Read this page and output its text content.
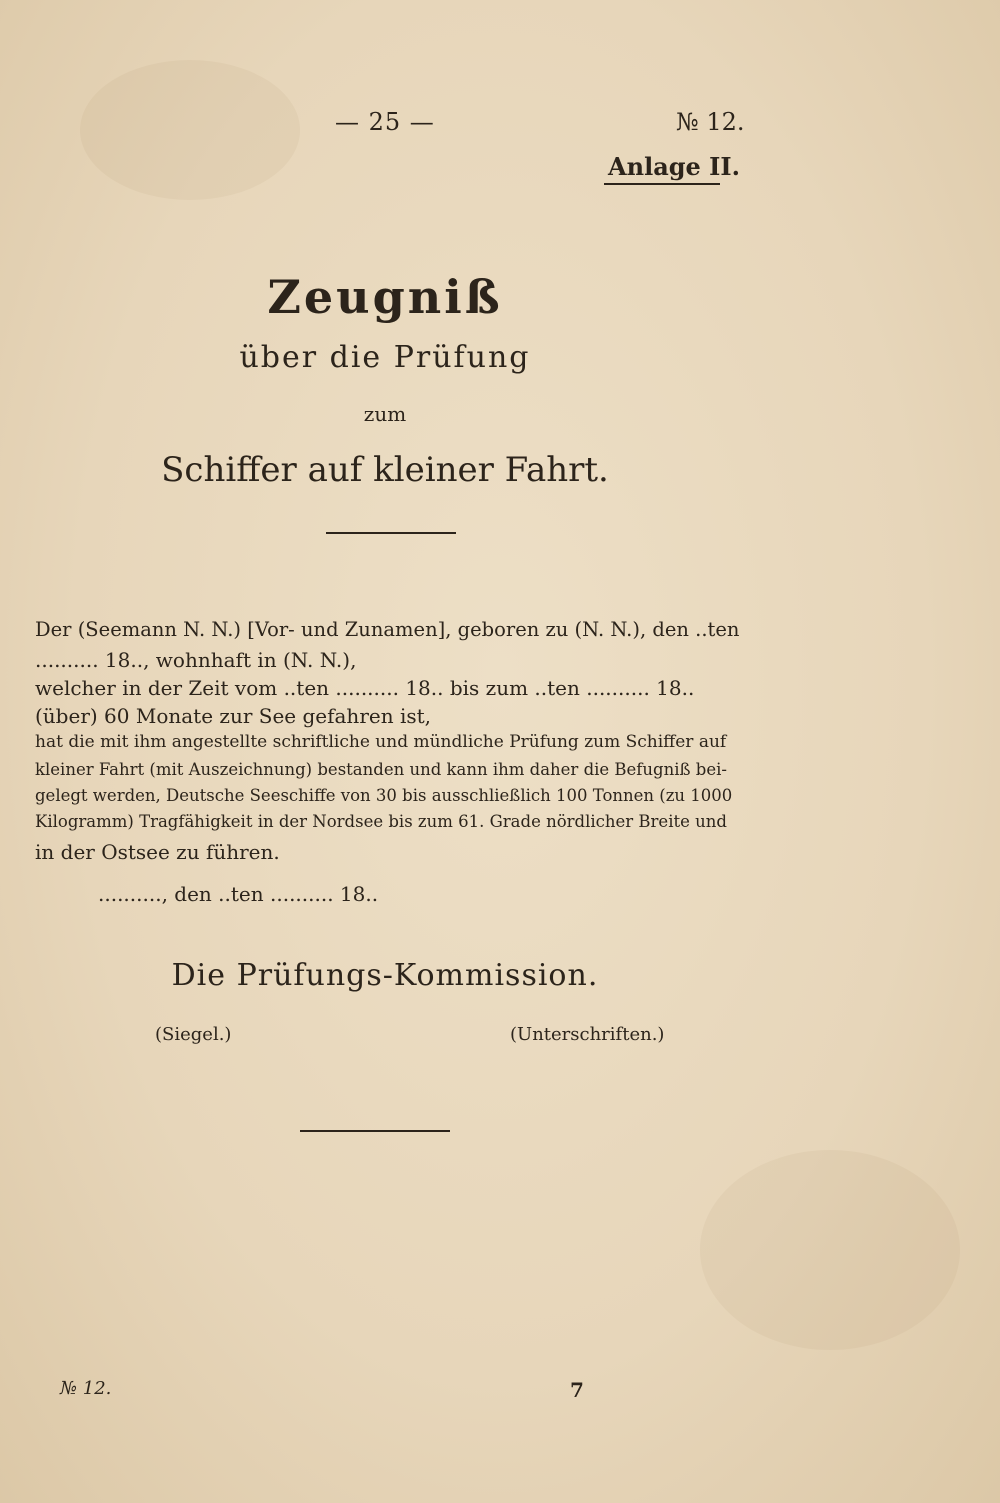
— 25 —	№ 12.
Anlage II.
Zeugniß
über die Prüfung
zum
Schiffer auf kleiner Fahrt.
Der (Seemann N. N.) [Vor- und Zunamen], geboren zu (N. N.), den ..ten
.......... 18.., wohnhaft in (N. N.),
welcher in der Zeit vom ..ten .......... 18.. bis zum ..ten .......... 18..
(über) 60 Monate zur See gefahren ist,
hat die mit ihm angestellte schriftliche und mündliche Prüfung zum Schiffer auf
kleiner Fahrt (mit Auszeichnung) bestanden und kann ihm daher die Befugniß bei-
gelegt werden, Deutsche Seeschiffe von 30 bis ausschließlich 100 Tonnen (zu 1000
Kilogramm) Tragfähigkeit in der Nordsee bis zum 61. Grade nördlicher Breite und
in der Ostsee zu führen.
.........., den ..ten .......... 18..
Die Prüfungs-Kommission.
(Siegel.)	(Unterschriften.)
№ 12.	7
